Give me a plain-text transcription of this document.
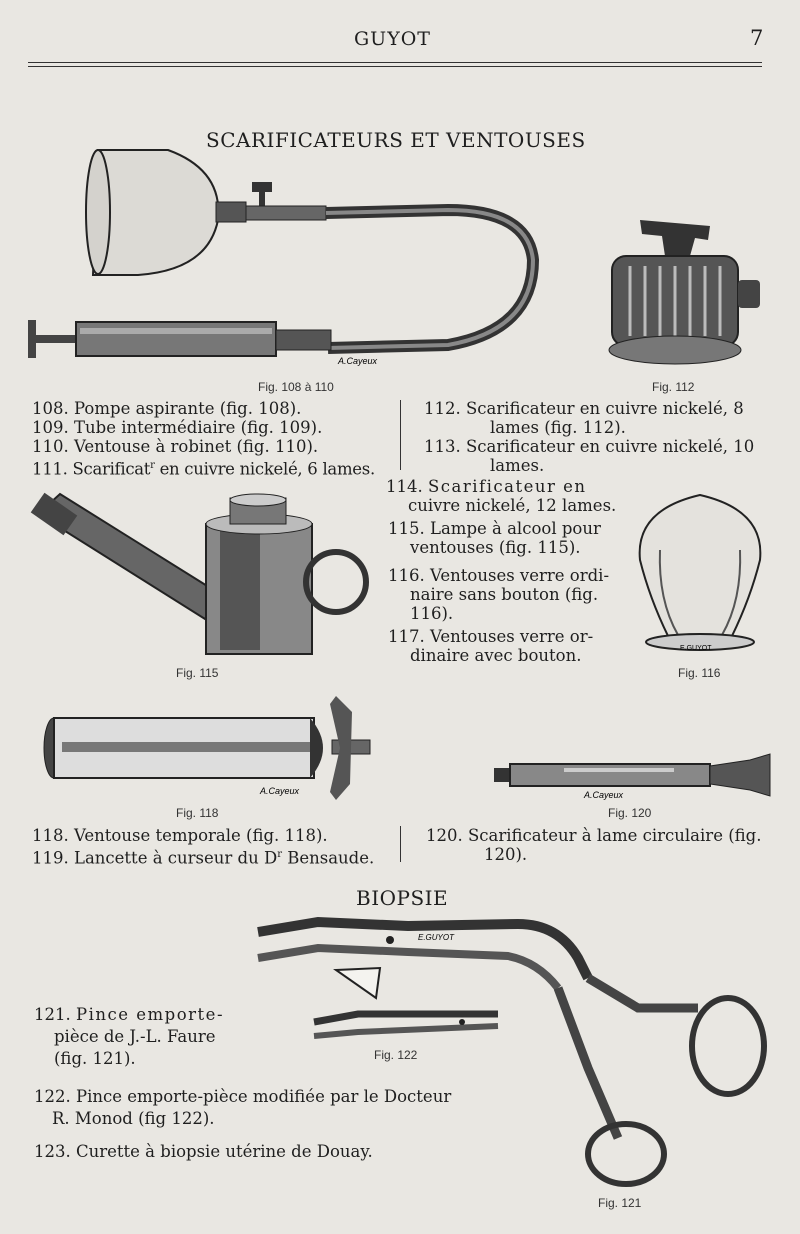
GUYOT	7
SCARIFICATEURS ET VENTOUSES
A.Cayeux
Fig. 108 à 110	Fig. 112
108. Pompe aspirante (fig. 108).
109. Tube intermédiaire (fig. 109).
110. Ventouse à robinet (fig. 110).
111. Scarificat$^r$ en cuivre nickelé, 6 lames.
112. Scarificateur en cuivre nickelé, 8
lames (fig. 112).
113. Scarificateur en cuivre nickelé, 10
lames.
Fig. 115
114. Scarificateur en
cuivre nickelé, 12 lames.
115. Lampe à alcool pour
ventouses (fig. 115).
116. Ventouses verre ordi-
naire sans bouton (fig.
116).
117. Ventouses verre or-
dinaire avec bouton.	E.GUYOT
Fig. 116
A.Cayeux
Fig. 118
A.Cayeux
Fig. 120
118. Ventouse temporale (fig. 118).
119. Lancette à curseur du $D^r$ Bensaude.
120. Scarificateur à lame circulaire (fig.
120).
BIOPSIE
E.GUYOT
Fig. 122
Fig. 121
121. Pince emporte-
pièce de J.-L. Faure
(fig. 121).
122. Pince emporte-pièce modifiée par le Docteur
R. Monod (fig 122).
123. Curette à biopsie utérine de Douay.
